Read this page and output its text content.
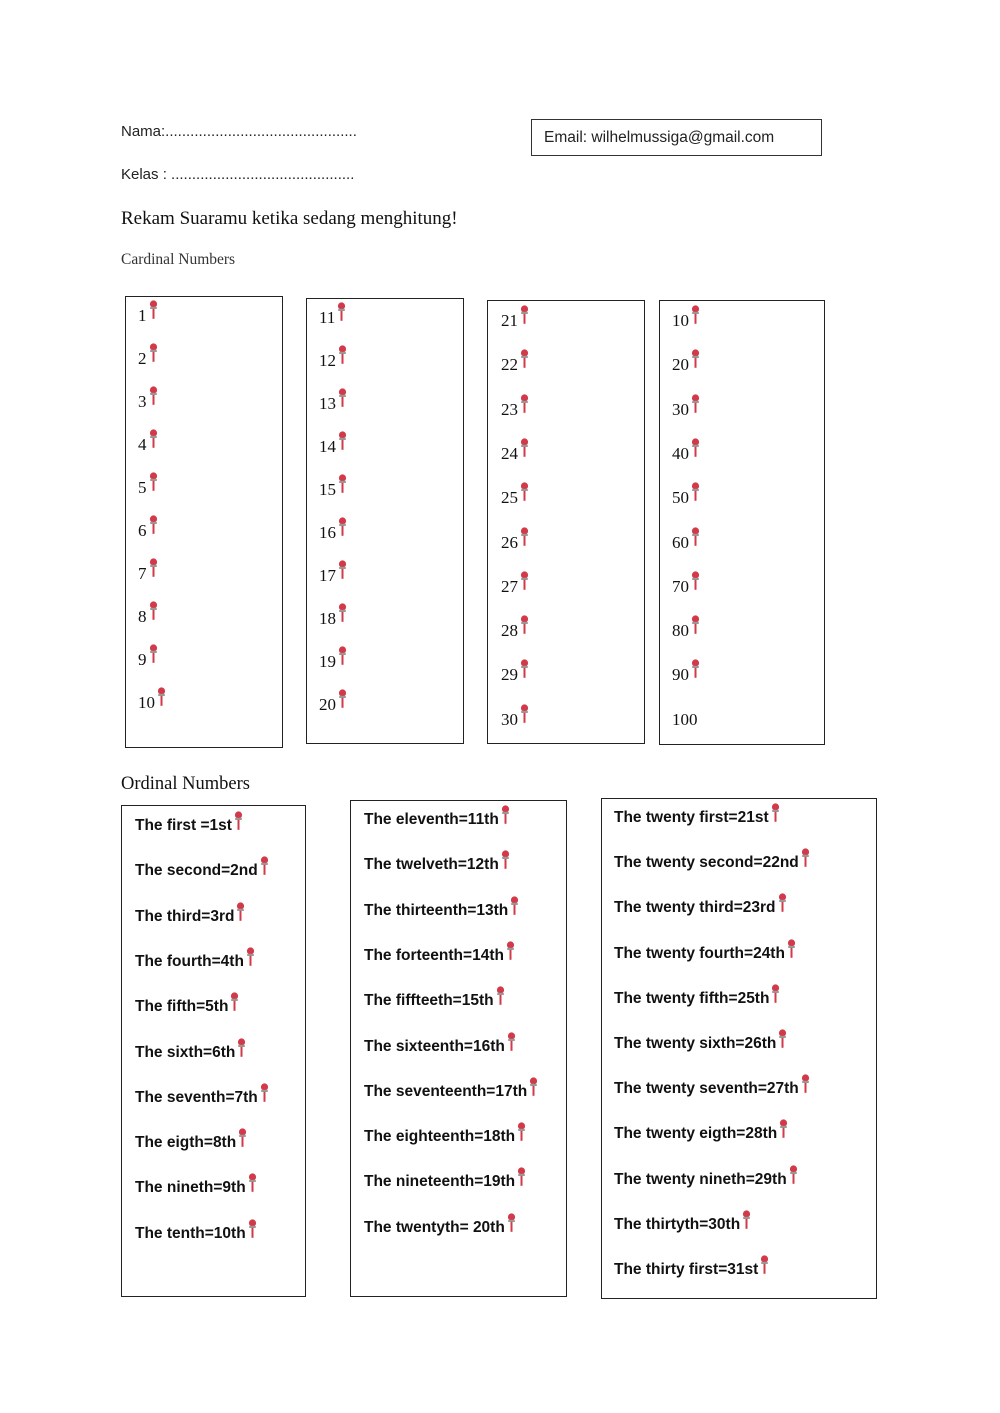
Nama:..............................................
Kelas : ............................................
Email: wilhelmussiga@gmail.com
Rekam Suaramu ketika sedang menghitung!
Cardinal Numbers
1
2
3
4
5
6
7
8
9
10
11
12
13
14
15
16
17
18
19
20
21
22
23
24
25
26
27
28
29
30
10
20
30
40
50
60
70
80
90
100
Ordinal Numbers
The first =1st
The second=2nd
The third=3rd
The fourth=4th
The fifth=5th
The sixth=6th
The seventh=7th
The eigth=8th
The nineth=9th
The tenth=10th
The eleventh=11th
The twelveth=12th
The thirteenth=13th
The forteenth=14th
The fiffteeth=15th
The sixteenth=16th
The seventeenth=17th
The eighteenth=18th
The nineteenth=19th
The twentyth= 20th
The twenty first=21st
The twenty second=22nd
The twenty third=23rd
The twenty fourth=24th
The twenty fifth=25th
The twenty sixth=26th
The twenty seventh=27th
The twenty eigth=28th
The twenty nineth=29th
The thirtyth=30th
The thirty first=31st
